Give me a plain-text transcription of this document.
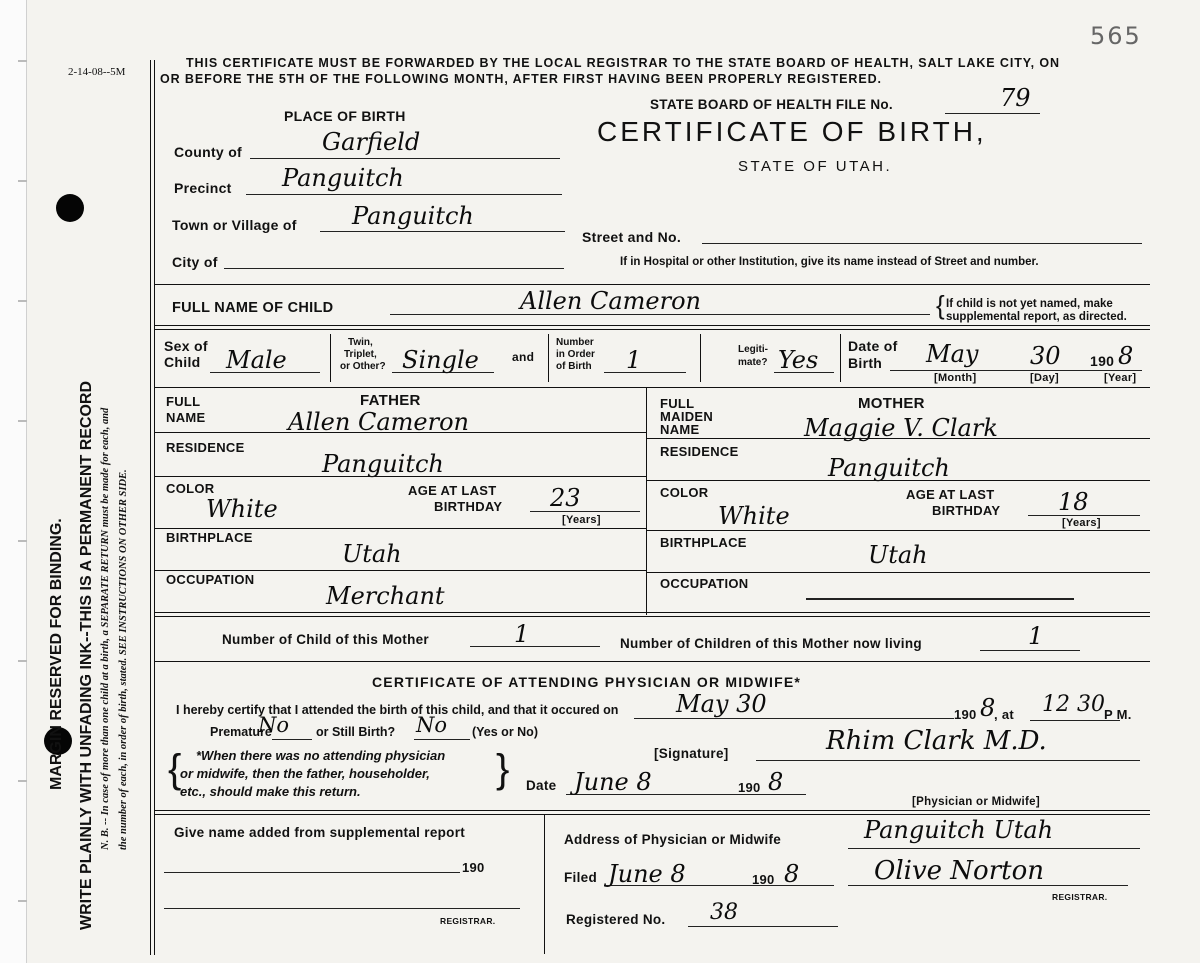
WRITE PLAINLY WITH UNFADING INK--THIS IS A PERMANENT RECORD
MARGIN RESERVED FOR BINDING.	N. B. -- In case of more than one child at a birth, a SEPARATE RETURN must be made for each, and the number of each, in order of birth, stated. SEE INSTRUCTIONS ON OTHER SIDE.
2-14-08--5M
565
THIS CERTIFICATE MUST BE FORWARDED BY THE LOCAL REGISTRAR TO THE STATE BOARD OF HEALTH, SALT LAKE CITY, ON
OR BEFORE THE 5TH OF THE FOLLOWING MONTH, AFTER FIRST HAVING BEEN PROPERLY REGISTERED.
PLACE OF BIRTH
STATE BOARD OF HEALTH FILE No.	79
CERTIFICATE OF BIRTH,
STATE OF UTAH.
County of	Garfield
Precinct Panguitch
Town or Village of Panguitch
City of
Street and No.
If in Hospital or other Institution, give its name instead of Street and number.
FULL NAME OF CHILD	Allen Cameron	{ If child is not yet named, make
supplemental report, as directed.
Sex of
Child Male
Twin,
Triplet,
or Other? Single	and
Number
in Order
of Birth 1	Legiti-
mate? Yes Date of
Birth May 30 190 8
[Month]	[Day]	[Year]
FATHER
FULL
NAME	Allen Cameron
RESIDENCE
Panguitch
COLOR
White
AGE AT LAST
BIRTHDAY 23
[Years]
BIRTHPLACE
Utah
OCCUPATION
Merchant
FULL
MAIDEN
NAME
MOTHER
Maggie V. Clark
RESIDENCE
Panguitch
COLOR
White
AGE AT LAST
BIRTHDAY 18
[Years]
BIRTHPLACE	Utah
OCCUPATION
Number of Child of this Mother	1	Number of Children of this Mother now living	1
CERTIFICATE OF ATTENDING PHYSICIAN OR MIDWIFE*
I hereby certify that I attended the birth of this child, and that it occured on May 30	190 8
, at 12 30 P M.
Premature
No or Still Birth? No (Yes or No)
{	}
*When there was no attending physician
or midwife, then the father, householder,
etc., should make this return.
[Signature]	Rhim Clark M.D.
Date June 8	190 8
[Physician or Midwife]
Give name added from supplemental report
190
REGISTRAR.
Address of Physician or Midwife	Panguitch Utah
Filed June 8	190 8	Olive Norton
REGISTRAR.
Registered No. 38
